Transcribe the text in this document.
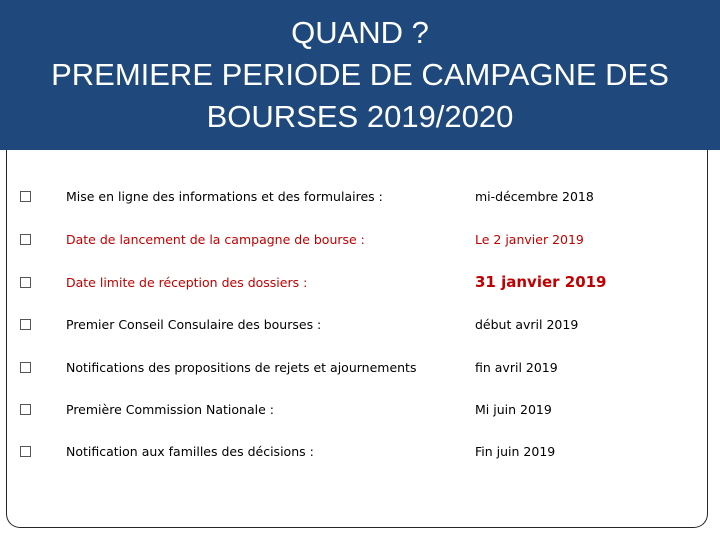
QUAND ?
PREMIERE PERIODE DE CAMPAGNE DES
BOURSES 2019/2020
Mise en ligne des informations et des formulaires :	mi-décembre 2018
Date de lancement de la campagne de bourse :	Le 2 janvier 2019
Date limite de réception des dossiers :	31 janvier 2019
Premier Conseil Consulaire des bourses :	début avril 2019
Notifications des propositions de rejets et ajournements	fin avril 2019
Première Commission Nationale :	Mi juin 2019
Notification aux familles des décisions :	Fin juin 2019
